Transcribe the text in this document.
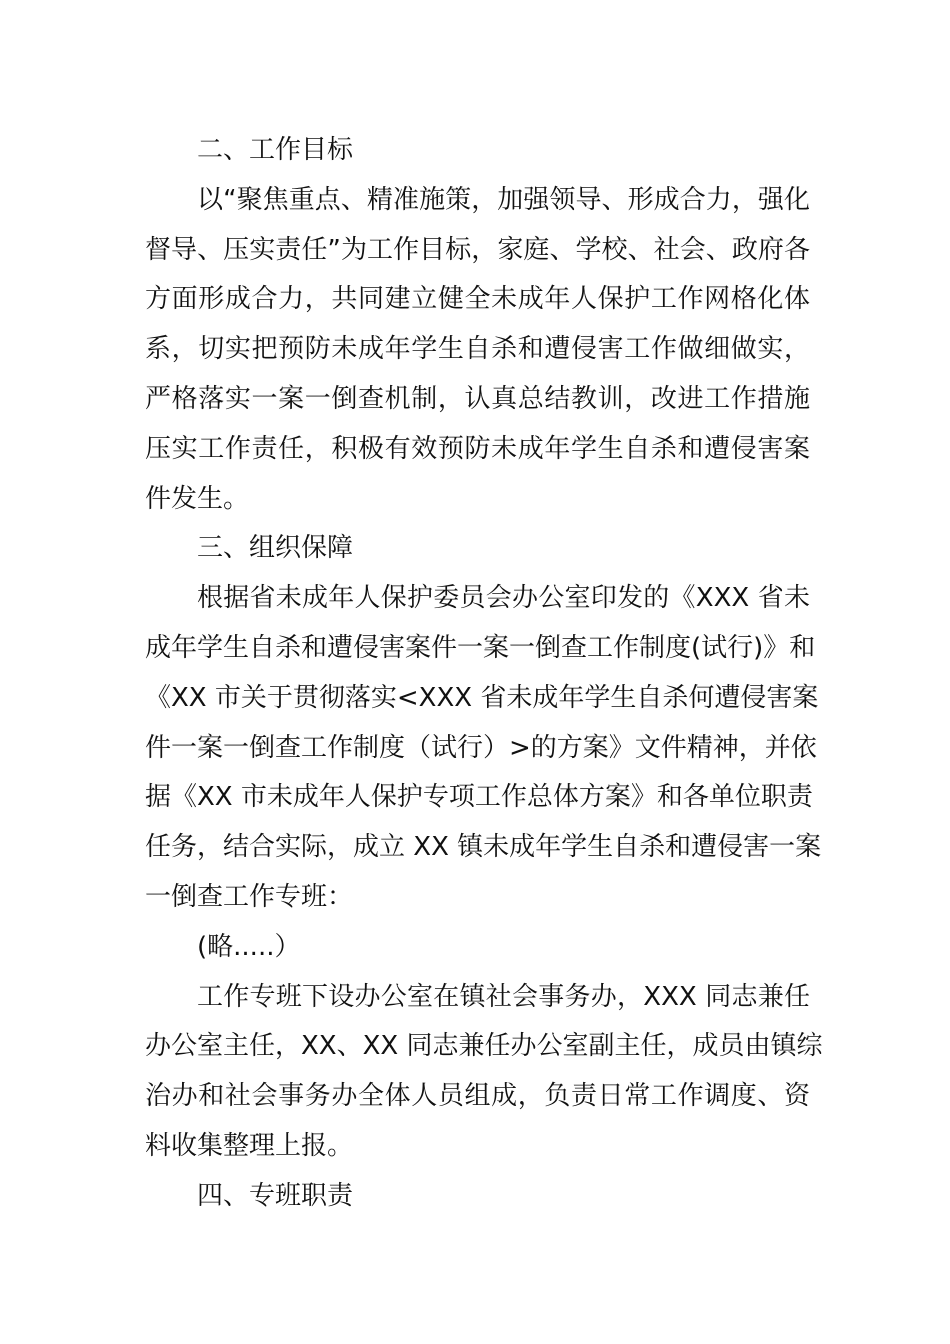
二、工作目标
以“聚焦重点、精准施策，加强领导、形成合力，强化
督导、压实责任”为工作目标，家庭、学校、社会、政府各
方面形成合力，共同建立健全未成年人保护工作网格化体
系，切实把预防未成年学生自杀和遭侵害工作做细做实，
严格落实一案一倒查机制，认真总结教训，改进工作措施
压实工作责任，积极有效预防未成年学生自杀和遭侵害案
件发生。
三、组织保障
根据省未成年人保护委员会办公室印发的《XXX 省未
成年学生自杀和遭侵害案件一案一倒查工作制度(试行)》和
《XX 市关于贯彻落实<XXX 省未成年学生自杀何遭侵害案
件一案一倒查工作制度（试行）>的方案》文件精神，并依
据《XX 市未成年人保护专项工作总体方案》和各单位职责
任务，结合实际，成立 XX 镇未成年学生自杀和遭侵害一案
一倒查工作专班：
(略.....）
工作专班下设办公室在镇社会事务办，XXX 同志兼任
办公室主任，XX、XX 同志兼任办公室副主任，成员由镇综
治办和社会事务办全体人员组成，负责日常工作调度、资
料收集整理上报。
四、专班职责
